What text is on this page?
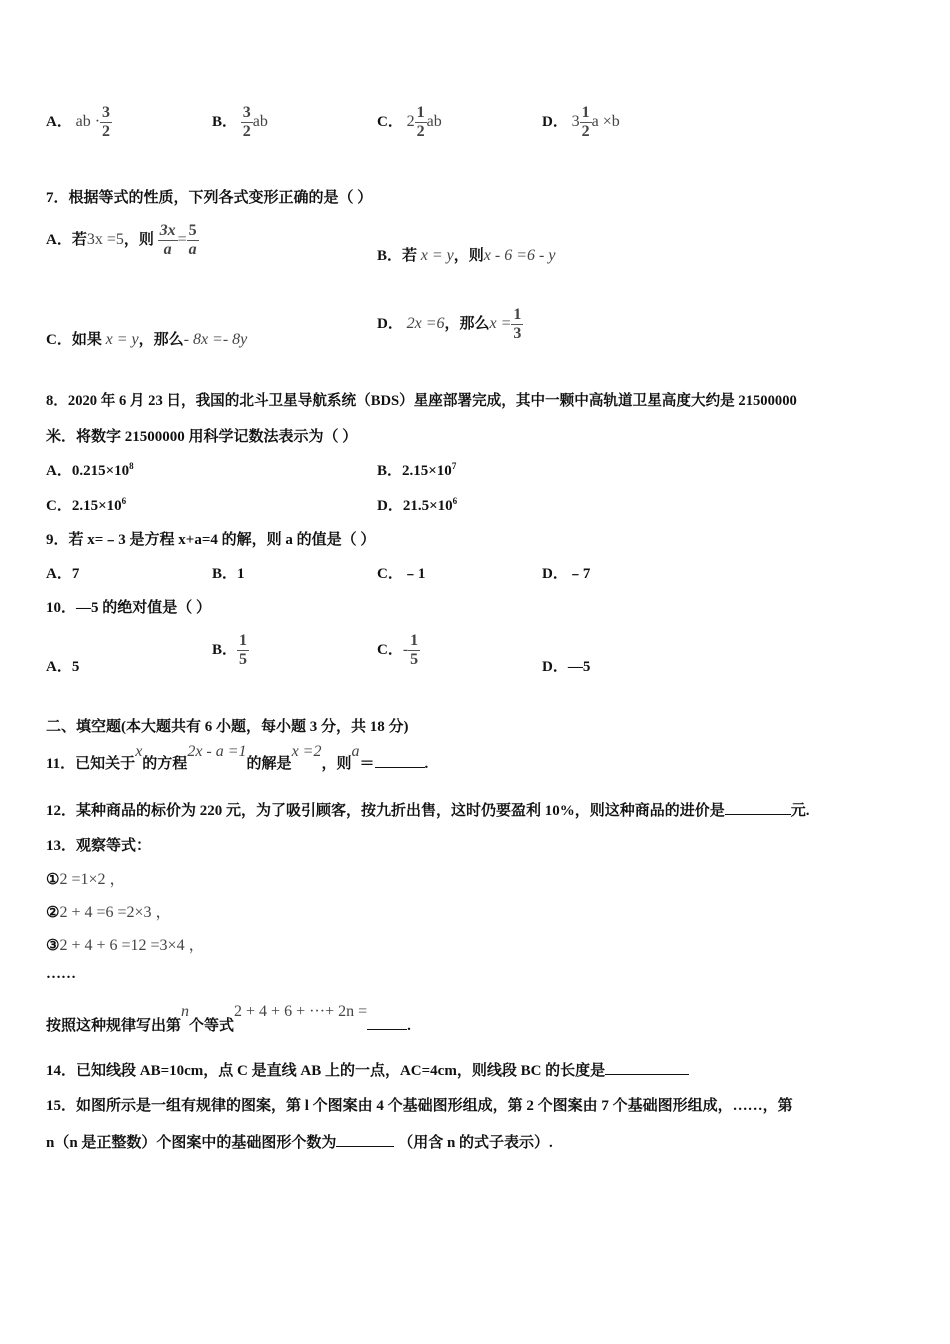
A． ab · $\frac{3}{2}$	B． $\frac{3}{2}$ ab	C． $2 \frac{1}{2}$ ab	D． $3 \frac{1}{2}$ a ×b
7．根据等式的性质，下列各式变形正确的是（ ）
A．若3x =5，则 $\frac{3x}{a} = \frac{5}{a}$	B．若 x = y，则x - 6 =6 - y
C．如果 x = y，那么- 8x =- 8y
D． 2x =6，那么$x = \frac{1}{3}$
8．2020 年 6 月 23 日，我国的北斗卫星导航系统（BDS）星座部署完成，其中一颗中高轨道卫星高度大约是 21500000
米．将数字 21500000 用科学记数法表示为（ ）
A．$0.215\times 10^8$	B．$2.15\times 10^7$
C．$2.15\times 10^6$	D．$21.5\times 10^6$
9．若 x=﹣3 是方程 x+a=4 的解，则 a 的值是（ ）
A．7	B．1	C．﹣1	D．﹣7
10．—5 的绝对值是（ ）
A．5
B． $\frac{1}{5}$	C．- $\frac{1}{5}$	D．—5
二、填空题(本大题共有 6 小题，每小题 3 分，共 18 分)
11．已知关于x的方程2x - a =1的解是x =2，则a＝	.
12．某种商品的标价为 220 元，为了吸引顾客，按九折出售，这时仍要盈利 10%，则这种商品的进价是	元.
13．观察等式：
①2 =1×2 ，
②2 + 4 =6 =2×3 ，
③2 + 4 + 6 =12 =3×4 ，
……
按照这种规律写出第n个等式2 + 4 + 6 + ···+ 2n =.
14．已知线段 AB=10cm，点 C 是直线 AB 上的一点，AC=4cm，则线段 BC 的长度是
15．如图所示是一组有规律的图案，第 l 个图案由 4 个基础图形组成，第 2 个图案由 7 个基础图形组成，……，第
n（n 是正整数）个图案中的基础图形个数为	（用含 n 的式子表示）.
